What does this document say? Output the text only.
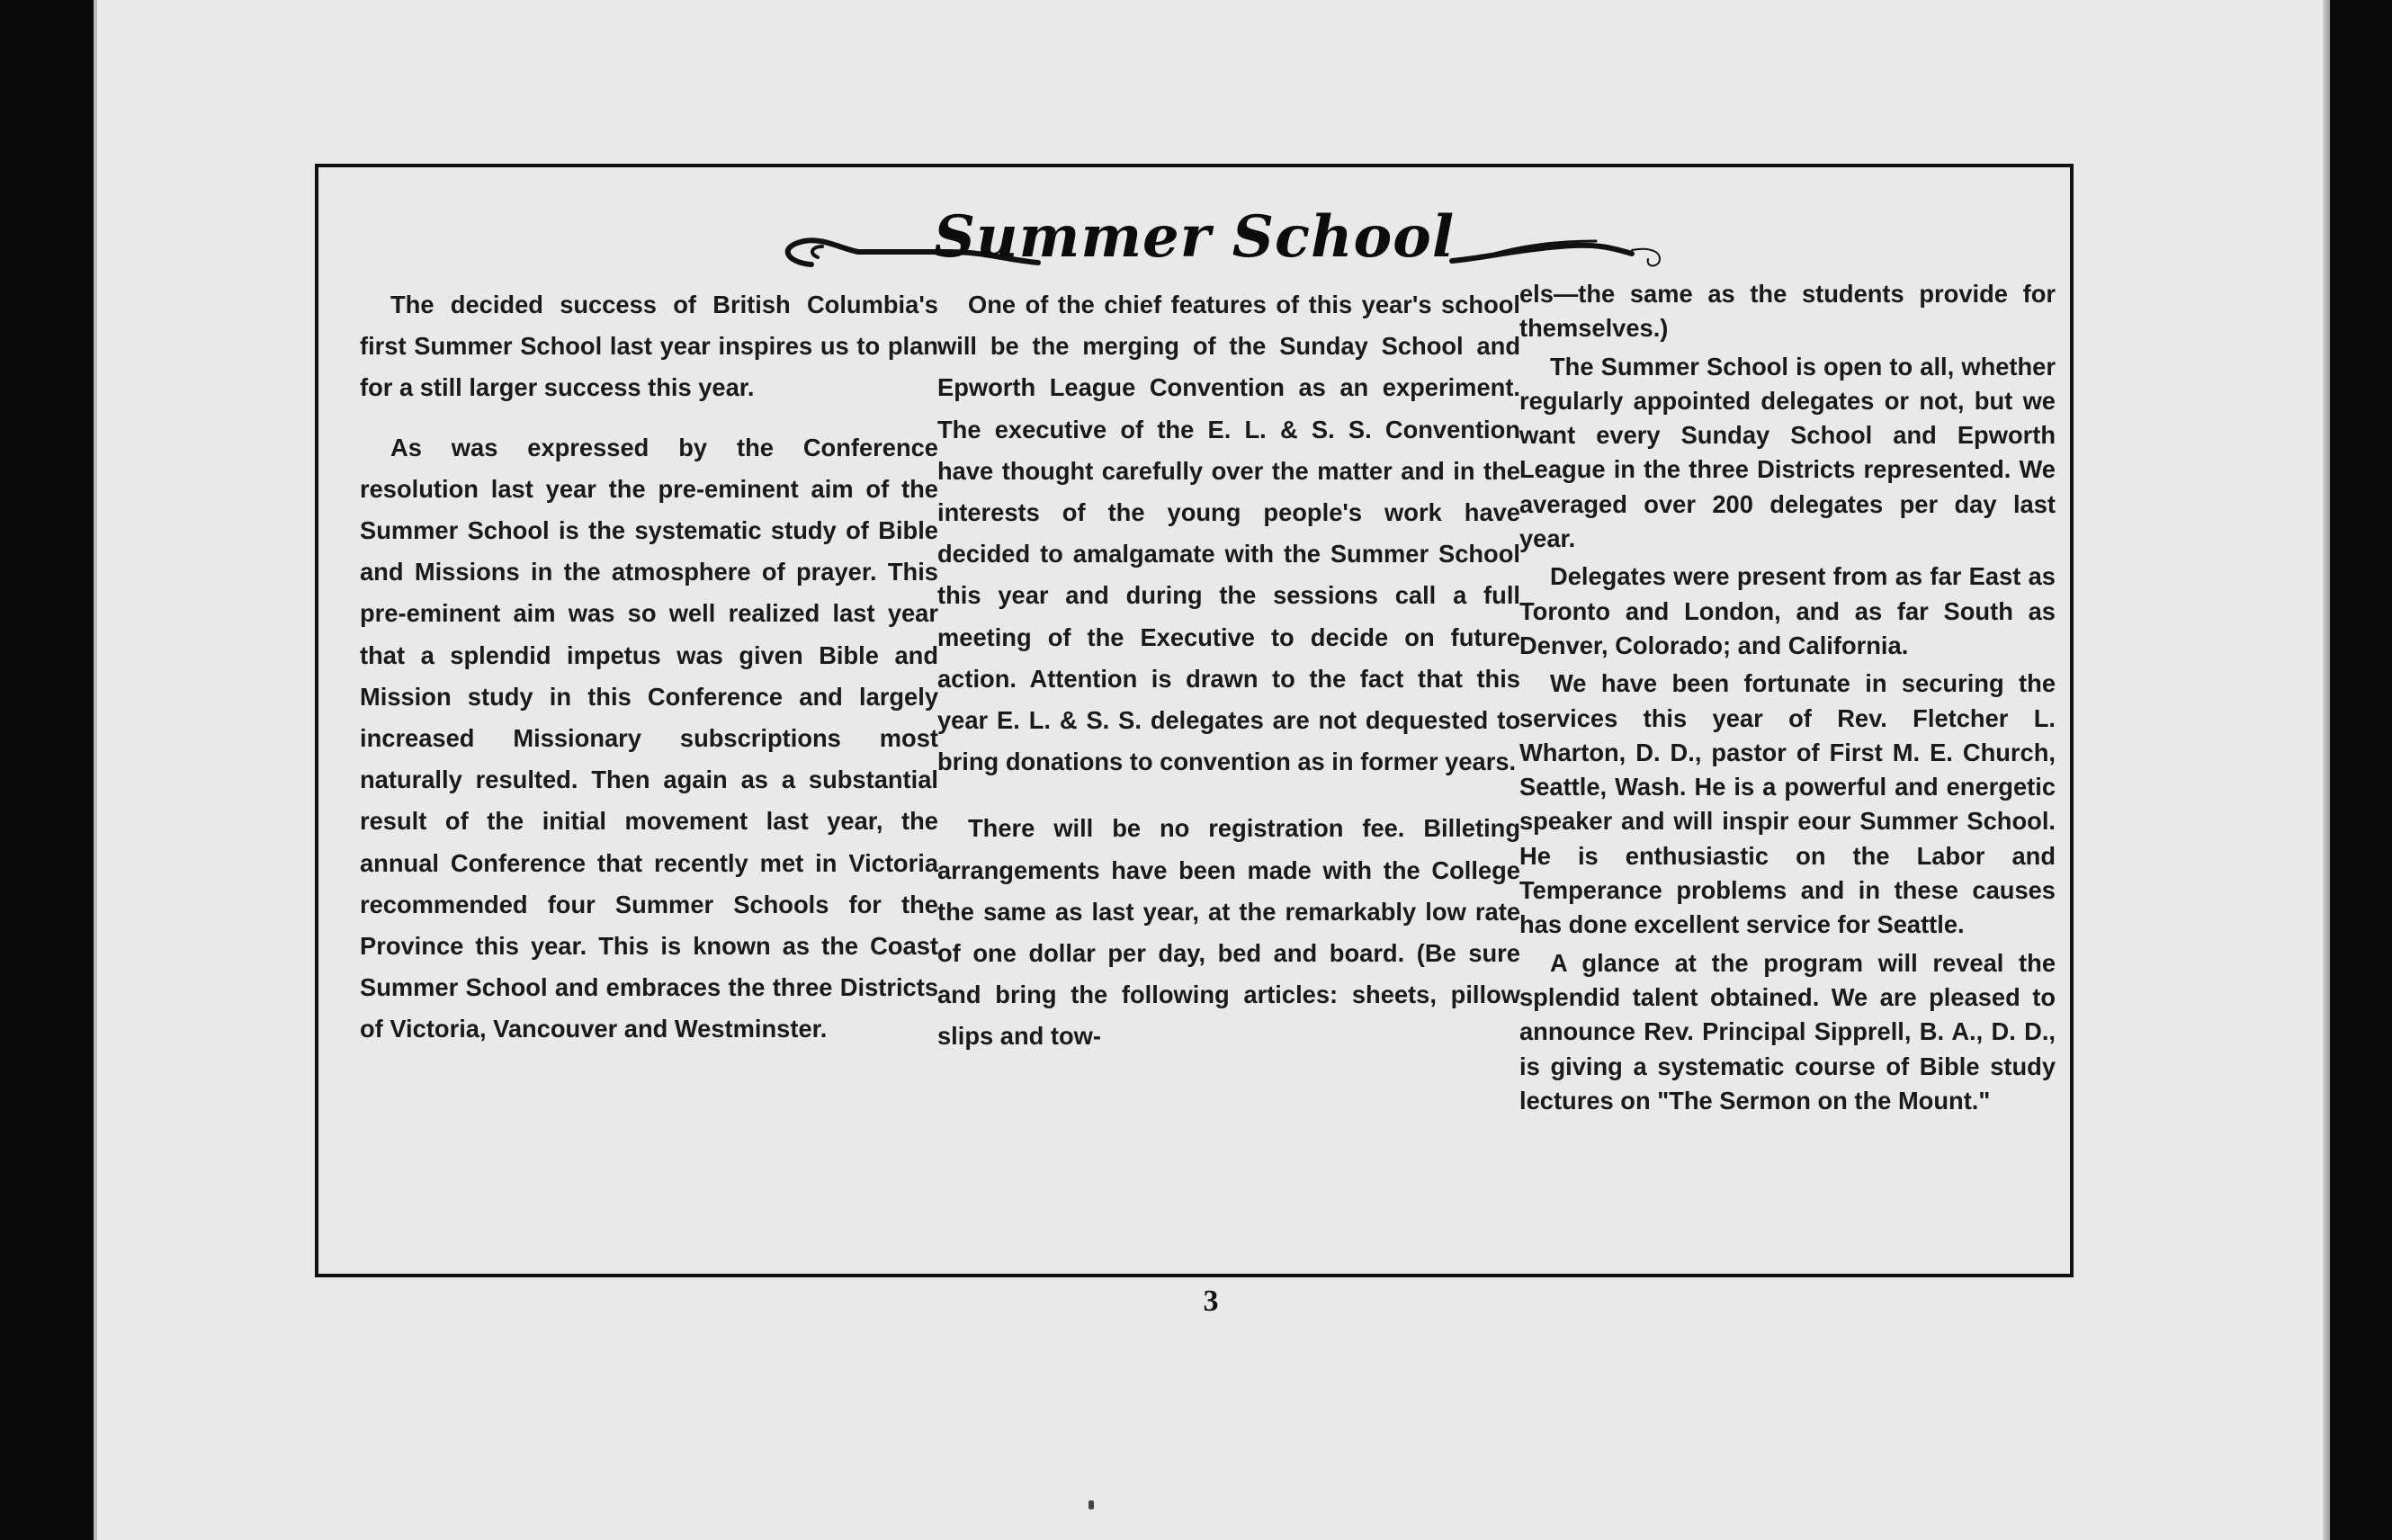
Summer School

The decided success of British Columbia's first Summer School last year inspires us to plan for a still larger success this year.

As was expressed by the Conference resolution last year the pre-eminent aim of the Summer School is the systematic study of Bible and Missions in the atmosphere of prayer. This pre-eminent aim was so well realized last year that a splendid impetus was given Bible and Mission study in this Conference and largely increased Missionary subscriptions most naturally resulted. Then again as a substantial result of the initial movement last year, the annual Conference that recently met in Victoria recommended four Summer Schools for the Province this year. This is known as the Coast Summer School and embraces the three Districts of Victoria, Vancouver and Westminster.

One of the chief features of this year's school will be the merging of the Sunday School and Epworth League Convention as an experiment. The executive of the E. L. & S. S. Convention have thought carefully over the matter and in the interests of the young people's work have decided to amalgamate with the Summer School this year and during the sessions call a full meeting of the Executive to decide on future action. Attention is drawn to the fact that this year E. L. & S. S. delegates are not dequested to bring donations to convention as in former years.

There will be no registration fee. Billeting arrangements have been made with the College the same as last year, at the remarkably low rate of one dollar per day, bed and board. (Be sure and bring the following articles: sheets, pillow slips and tow-

els—the same as the students provide for themselves.)

The Summer School is open to all, whether regularly appointed delegates or not, but we want every Sunday School and Epworth League in the three Districts represented. We averaged over 200 delegates per day last year.

Delegates were present from as far East as Toronto and London, and as far South as Denver, Colorado; and California.

We have been fortunate in securing the services this year of Rev. Fletcher L. Wharton, D. D., pastor of First M. E. Church, Seattle, Wash. He is a powerful and energetic speaker and will inspir eour Summer School. He is enthusiastic on the Labor and Temperance problems and in these causes has done excellent service for Seattle.

A glance at the program will reveal the splendid talent obtained. We are pleased to announce Rev. Principal Sipprell, B. A., D. D., is giving a systematic course of Bible study lectures on "The Sermon on the Mount."

3
